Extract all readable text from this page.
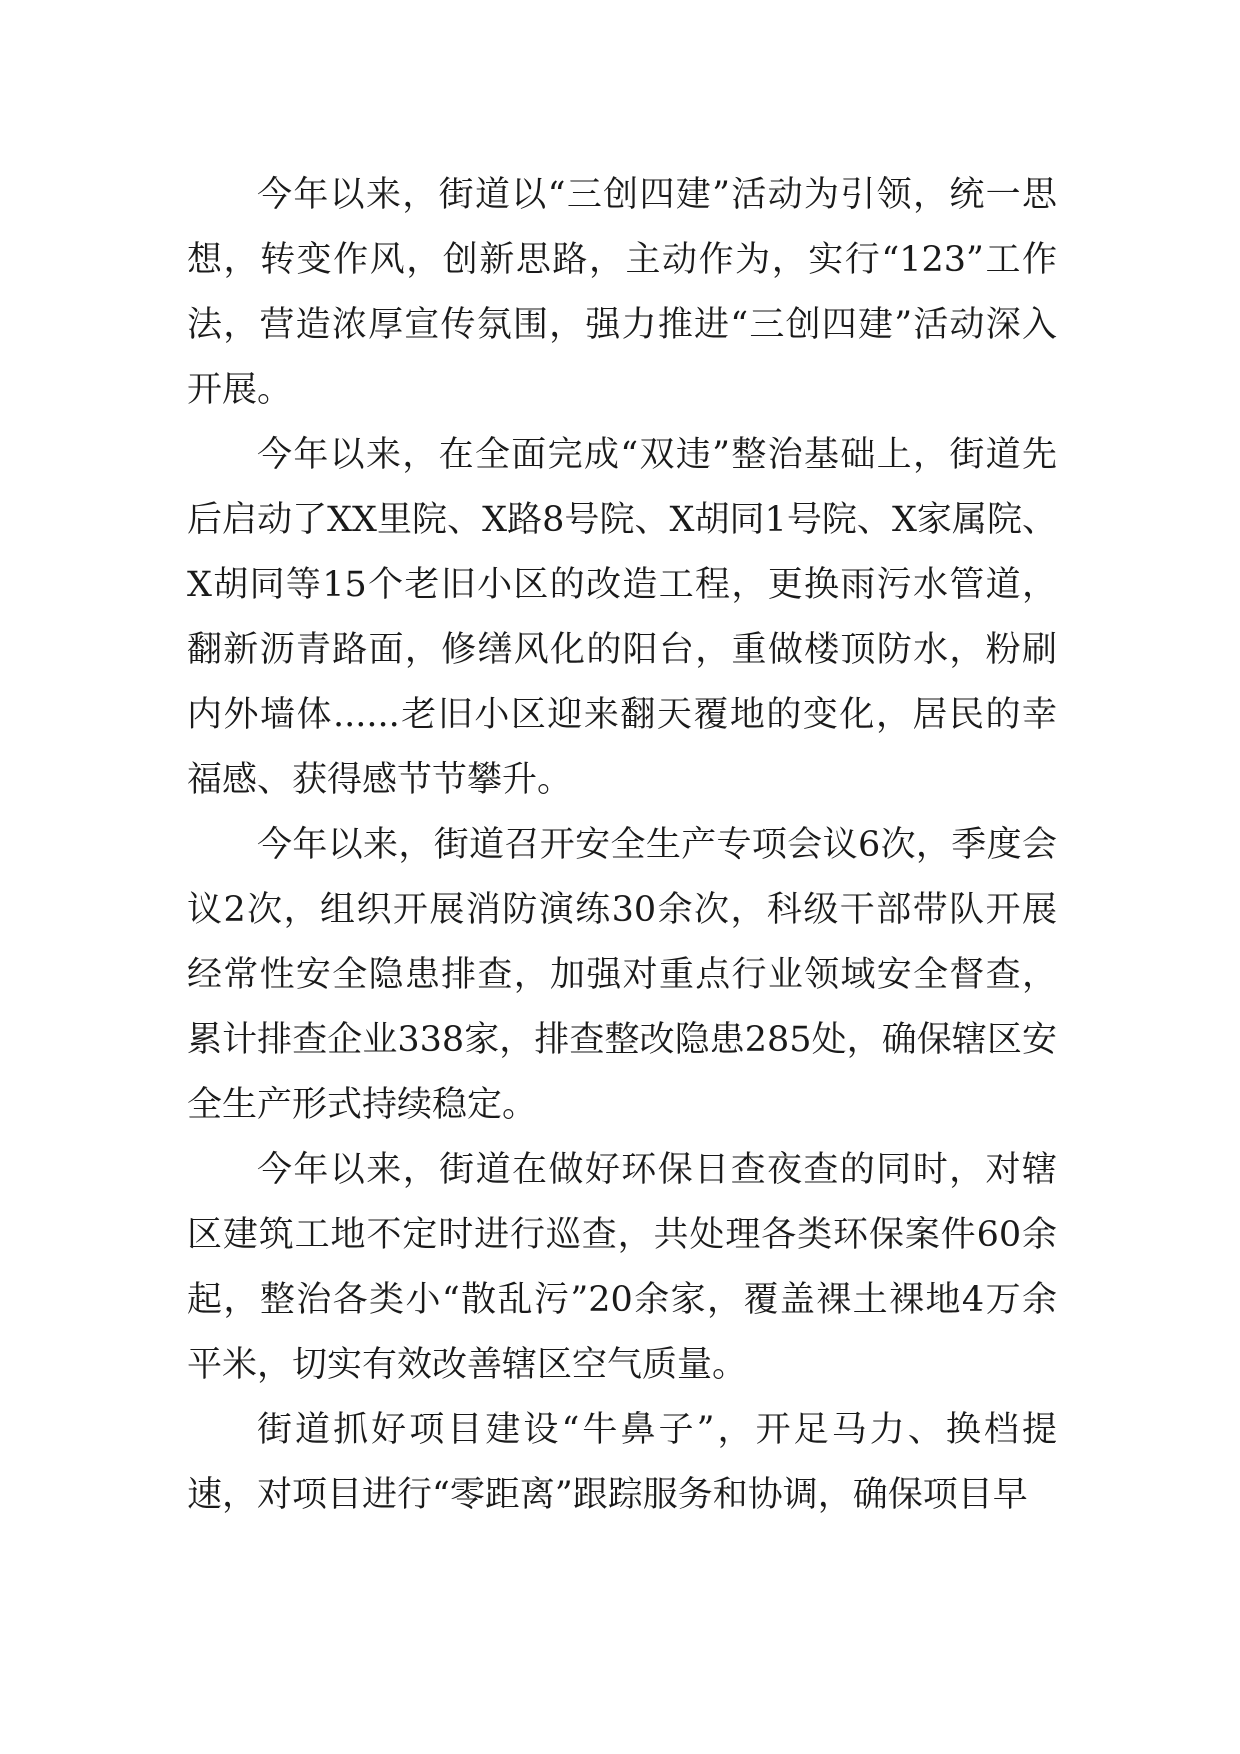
今年以来，街道以“三创四建”活动为引领，统一思想，转变作风，创新思路，主动作为，实行“123”工作法，营造浓厚宣传氛围，强力推进“三创四建”活动深入开展。

今年以来，在全面完成“双违”整治基础上，街道先后启动了XX里院、X路8号院、X胡同1号院、X家属院、X胡同等15个老旧小区的改造工程，更换雨污水管道，翻新沥青路面，修缮风化的阳台，重做楼顶防水，粉刷内外墙体......老旧小区迎来翻天覆地的变化，居民的幸福感、获得感节节攀升。

今年以来，街道召开安全生产专项会议6次，季度会议2次，组织开展消防演练30余次，科级干部带队开展经常性安全隐患排查，加强对重点行业领域安全督查，累计排查企业338家，排查整改隐患285处，确保辖区安全生产形式持续稳定。

今年以来，街道在做好环保日查夜查的同时，对辖区建筑工地不定时进行巡查，共处理各类环保案件60余起，整治各类小“散乱污”20余家，覆盖裸土裸地4万余平米，切实有效改善辖区空气质量。

街道抓好项目建设“牛鼻子”，开足马力、换档提速，对项目进行“零距离”跟踪服务和协调，确保项目早
